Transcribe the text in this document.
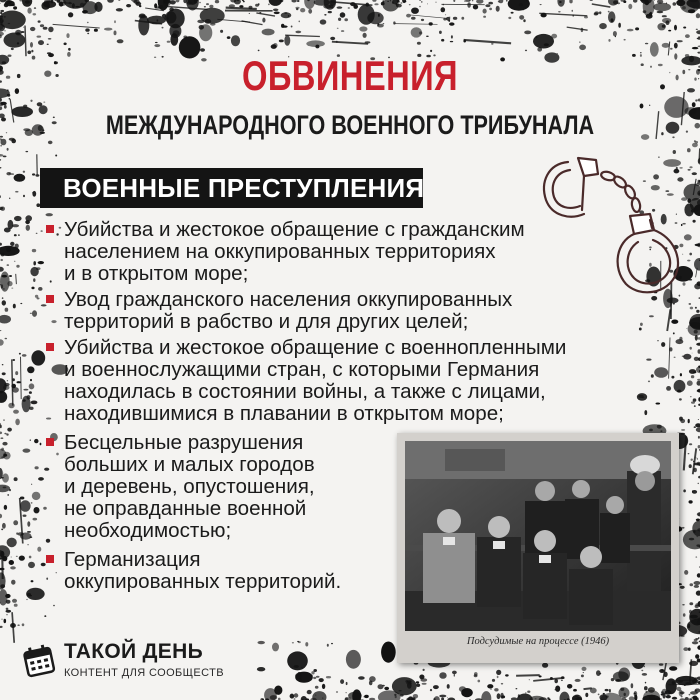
ОБВИНЕНИЯ
МЕЖДУНАРОДНОГО ВОЕННОГО ТРИБУНАЛА
ВОЕННЫЕ ПРЕСТУПЛЕНИЯ
Убийства и жестокое обращение с гражданским
населением на оккупированных территориях
и в открытом море;
Увод гражданского населения оккупированных
территорий в рабство и для других целей;
Убийства и жестокое обращение с военнопленными
и военнослужащими стран, с которыми Германия
находилась в состоянии войны, а также с лицами,
находившимися в плавании в открытом море;
Бесцельные разрушения
больших и малых городов
и деревень, опустошения,
не оправданные военной
необходимостью;
Германизация
оккупированных территорий.
Подсудимые на процессе (1946)
ТАКОЙ ДЕНЬ
КОНТЕНТ ДЛЯ СООБЩЕСТВ
